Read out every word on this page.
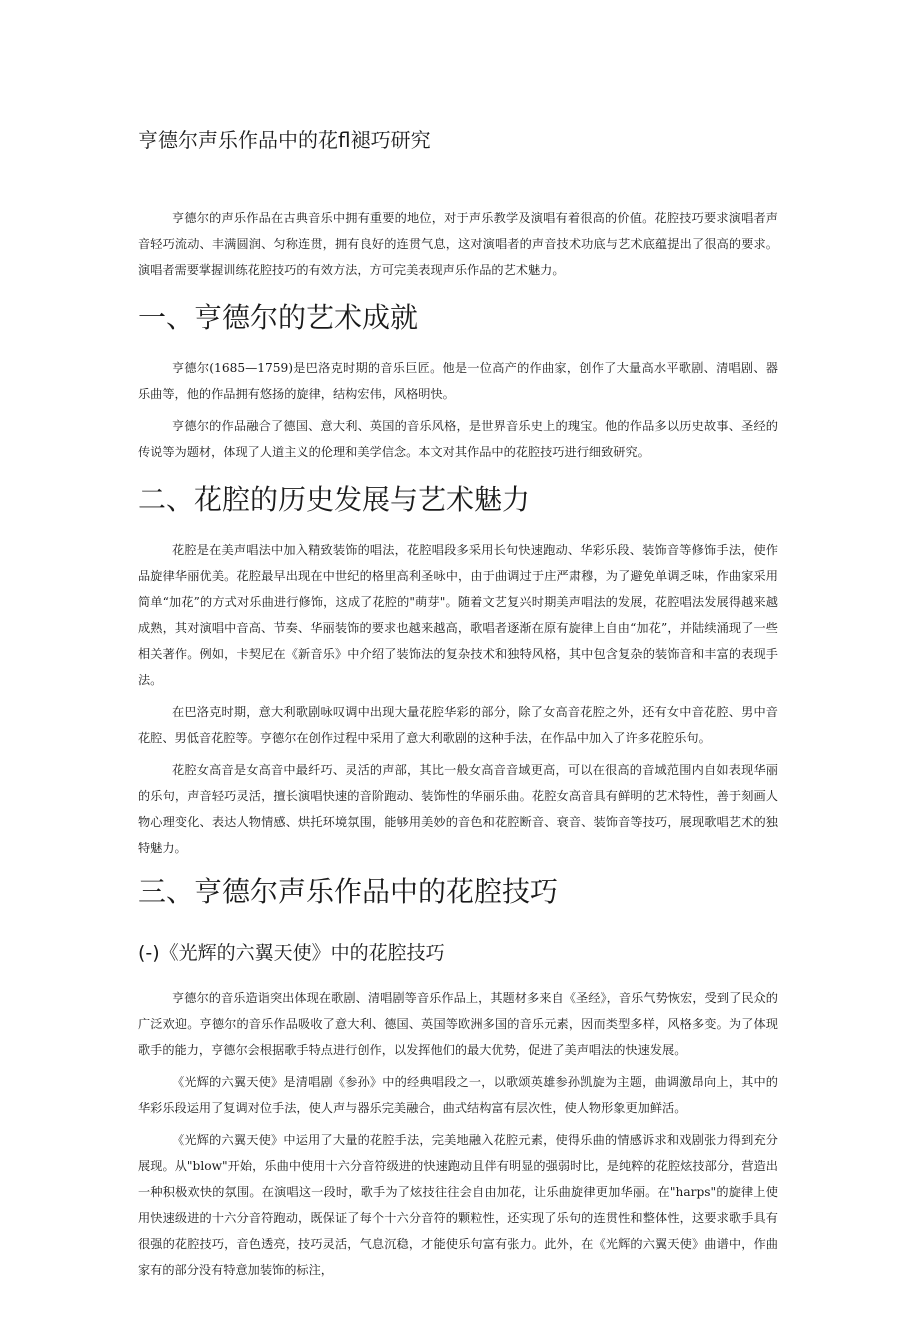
亨德尔声乐作品中的花fl褪巧研究
亨德尔的声乐作品在古典音乐中拥有重要的地位，对于声乐教学及演唱有着很高的价值。花腔技巧要求演唱者声音轻巧流动、丰满圆润、匀称连贯，拥有良好的连贯气息，这对演唱者的声音技术功底与艺术底蕴提出了很高的要求。演唱者需要掌握训练花腔技巧的有效方法，方可完美表现声乐作品的艺术魅力。
一、亨德尔的艺术成就
亨德尔(1685—1759)是巴洛克时期的音乐巨匠。他是一位高产的作曲家，创作了大量高水平歌剧、清唱剧、器乐曲等，他的作品拥有悠扬的旋律，结构宏伟，风格明快。
亨德尔的作品融合了德国、意大利、英国的音乐风格，是世界音乐史上的瑰宝。他的作品多以历史故事、圣经的传说等为题材，体现了人道主义的伦理和美学信念。本文对其作品中的花腔技巧进行细致研究。
二、花腔的历史发展与艺术魅力
花腔是在美声唱法中加入精致装饰的唱法，花腔唱段多采用长句快速跑动、华彩乐段、装饰音等修饰手法，使作品旋律华丽优美。花腔最早出现在中世纪的格里高利圣咏中，由于曲调过于庄严肃穆，为了避免单调乏味，作曲家采用简单“加花”的方式对乐曲进行修饰，这成了花腔的"萌芽"。随着文艺复兴时期美声唱法的发展，花腔唱法发展得越来越成熟，其对演唱中音高、节奏、华丽装饰的要求也越来越高，歌唱者逐渐在原有旋律上自由“加花”，并陆续涌现了一些相关著作。例如，卡契尼在《新音乐》中介绍了装饰法的复杂技术和独特风格，其中包含复杂的装饰音和丰富的表现手法。
在巴洛克时期，意大利歌剧咏叹调中出现大量花腔华彩的部分，除了女高音花腔之外，还有女中音花腔、男中音花腔、男低音花腔等。亨德尔在创作过程中采用了意大利歌剧的这种手法，在作品中加入了许多花腔乐句。
花腔女高音是女高音中最纤巧、灵活的声部，其比一般女高音音域更高，可以在很高的音域范围内自如表现华丽的乐句，声音轻巧灵活，擅长演唱快速的音阶跑动、装饰性的华丽乐曲。花腔女高音具有鲜明的艺术特性，善于刻画人物心理变化、表达人物情感、烘托环境氛围，能够用美妙的音色和花腔断音、衰音、装饰音等技巧，展现歌唱艺术的独特魅力。
三、亨德尔声乐作品中的花腔技巧
(-)《光辉的六翼天使》中的花腔技巧
亨德尔的音乐造诣突出体现在歌剧、清唱剧等音乐作品上，其题材多来自《圣经》，音乐气势恢宏，受到了民众的广泛欢迎。亨德尔的音乐作品吸收了意大利、德国、英国等欧洲多国的音乐元素，因而类型多样，风格多变。为了体现歌手的能力，亨德尔会根据歌手特点进行创作，以发挥他们的最大优势，促进了美声唱法的快速发展。
《光辉的六翼天使》是清唱剧《参孙》中的经典唱段之一，以歌颂英雄参孙凯旋为主题，曲调激昂向上，其中的华彩乐段运用了复调对位手法，使人声与器乐完美融合，曲式结构富有层次性，使人物形象更加鲜活。
《光辉的六翼天使》中运用了大量的花腔手法，完美地融入花腔元素，使得乐曲的情感诉求和戏剧张力得到充分展现。从"blow"开始，乐曲中使用十六分音符级进的快速跑动且伴有明显的强弱时比，是纯粹的花腔炫技部分，营造出一种积极欢快的氛围。在演唱这一段时，歌手为了炫技往往会自由加花，让乐曲旋律更加华丽。在"harps"的旋律上使用快速级进的十六分音符跑动，既保证了每个十六分音符的颗粒性，还实现了乐句的连贯性和整体性，这要求歌手具有很强的花腔技巧，音色透亮，技巧灵活，气息沉稳，才能使乐句富有张力。此外，在《光辉的六翼天使》曲谱中，作曲家有的部分没有特意加装饰的标注，
